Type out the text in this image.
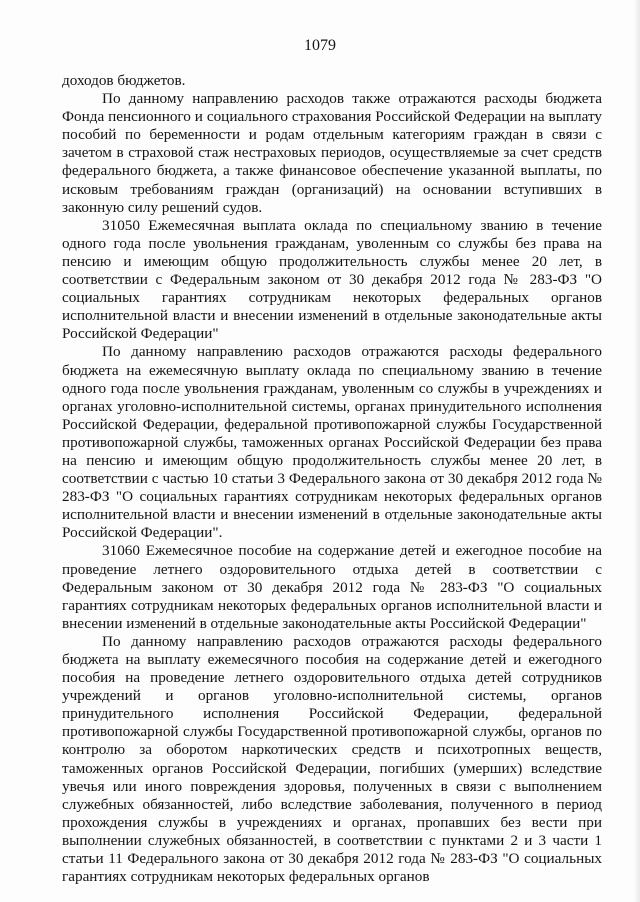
1079

доходов бюджетов.

По данному направлению расходов также отражаются расходы бюджета Фонда пенсионного и социального страхования Российской Федерации на выплату пособий по беременности и родам отдельным категориям граждан в связи с зачетом в страховой стаж нестраховых периодов, осуществляемые за счет средств федерального бюджета, а также финансовое обеспечение указанной выплаты, по исковым требованиям граждан (организаций) на основании вступивших в законную силу решений судов.

31050 Ежемесячная выплата оклада по специальному званию в течение одного года после увольнения гражданам, уволенным со службы без права на пенсию и имеющим общую продолжительность службы менее 20 лет, в соответствии с Федеральным законом от 30 декабря 2012 года № 283-ФЗ "О социальных гарантиях сотрудникам некоторых федеральных органов исполнительной власти и внесении изменений в отдельные законодательные акты Российской Федерации"

По данному направлению расходов отражаются расходы федерального бюджета на ежемесячную выплату оклада по специальному званию в течение одного года после увольнения гражданам, уволенным со службы в учреждениях и органах уголовно-исполнительной системы, органах принудительного исполнения Российской Федерации, федеральной противопожарной службы Государственной противопожарной службы, таможенных органах Российской Федерации без права на пенсию и имеющим общую продолжительность службы менее 20 лет, в соответствии с частью 10 статьи 3 Федерального закона от 30 декабря 2012 года № 283-ФЗ "О социальных гарантиях сотрудникам некоторых федеральных органов исполнительной власти и внесении изменений в отдельные законодательные акты Российской Федерации".

31060 Ежемесячное пособие на содержание детей и ежегодное пособие на проведение летнего оздоровительного отдыха детей в соответствии с Федеральным законом от 30 декабря 2012 года № 283-ФЗ "О социальных гарантиях сотрудникам некоторых федеральных органов исполнительной власти и внесении изменений в отдельные законодательные акты Российской Федерации"

По данному направлению расходов отражаются расходы федерального бюджета на выплату ежемесячного пособия на содержание детей и ежегодного пособия на проведение летнего оздоровительного отдыха детей сотрудников учреждений и органов уголовно-исполнительной системы, органов принудительного исполнения Российской Федерации, федеральной противопожарной службы Государственной противопожарной службы, органов по контролю за оборотом наркотических средств и психотропных веществ, таможенных органов Российской Федерации, погибших (умерших) вследствие увечья или иного повреждения здоровья, полученных в связи с выполнением служебных обязанностей, либо вследствие заболевания, полученного в период прохождения службы в учреждениях и органах, пропавших без вести при выполнении служебных обязанностей, в соответствии с пунктами 2 и 3 части 1 статьи 11 Федерального закона от 30 декабря 2012 года № 283-ФЗ "О социальных гарантиях сотрудникам некоторых федеральных органов
